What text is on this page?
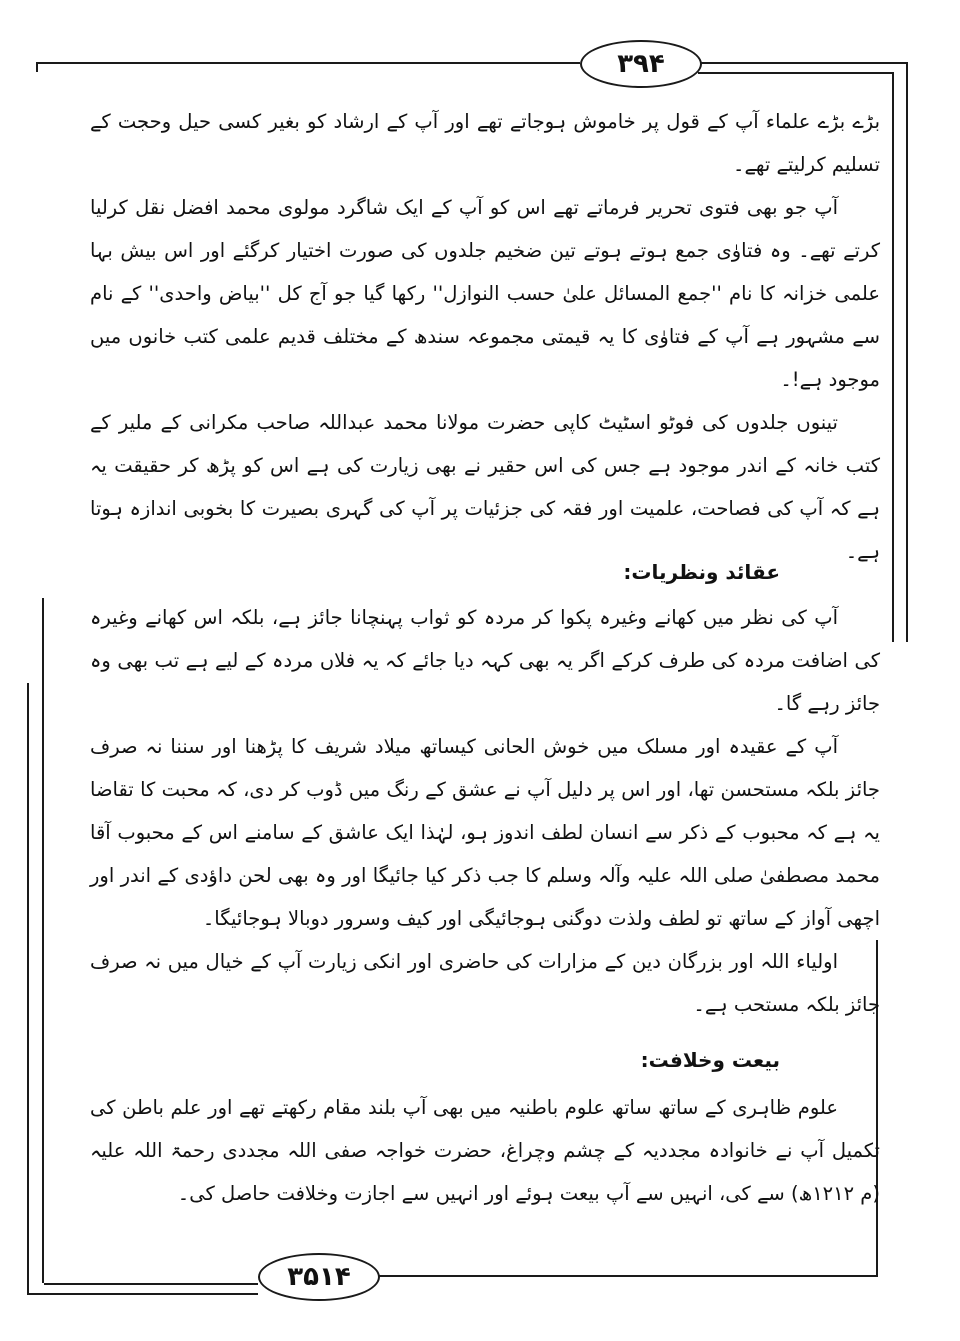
۳۹۴
۳۵۱۴

بڑے بڑے علماء آپ کے قول پر خاموش ہوجاتے تھے اور آپ کے ارشاد کو بغیر کسی حیل وحجت کے تسلیم کرلیتے تھے۔

آپ جو بھی فتوی تحریر فرماتے تھے اس کو آپ کے ایک شاگرد مولوی محمد افضل نقل کرلیا کرتے تھے۔ وہ فتاوٰی جمع ہوتے ہوتے تین ضخیم جلدوں کی صورت اختیار کرگئے اور اس بیش بہا علمی خزانہ کا نام ''جمع المسائل علیٰ حسب النوازل'' رکھا گیا جو آج کل ''بیاض واحدی'' کے نام سے مشہور ہے آپ کے فتاوٰی کا یہ قیمتی مجموعہ سندھ کے مختلف قدیم علمی کتب خانوں میں موجود ہے!۔

تینوں جلدوں کی فوٹو اسٹیٹ کاپی حضرت مولانا محمد عبداللہ صاحب مکرانی کے ملیر کے کتب خانہ کے اندر موجود ہے جس کی اس حقیر نے بھی زیارت کی ہے اس کو پڑھ کر حقیقت یہ ہے کہ آپ کی فصاحت، علمیت اور فقہ کی جزئیات پر آپ کی گہری بصیرت کا بخوبی اندازہ ہوتا ہے۔

عقائد ونظریات:

آپ کی نظر میں کھانے وغیرہ پکوا کر مردہ کو ثواب پہنچانا جائز ہے، بلکہ اس کھانے وغیرہ کی اضافت مردہ کی طرف کرکے اگر یہ بھی کہہ دیا جائے کہ یہ فلاں مردہ کے لیے ہے تب بھی وہ جائز رہے گا۔

آپ کے عقیدہ اور مسلک میں خوش الحانی کیساتھ میلاد شریف کا پڑھنا اور سننا نہ صرف جائز بلکہ مستحسن تھا، اور اس پر دلیل آپ نے عشق کے رنگ میں ڈوب کر دی، کہ محبت کا تقاضا یہ ہے کہ محبوب کے ذکر سے انسان لطف اندوز ہو، لہٰذا ایک عاشق کے سامنے اس کے محبوب آقا محمد مصطفیٰ صلی اللہ علیہ وآلہ وسلم کا جب ذکر کیا جائیگا اور وہ بھی لحن داؤدی کے اندر اور اچھی آواز کے ساتھ تو لطف ولذت دوگنی ہوجائیگی اور کیف وسرور دوبالا ہوجائیگا۔

اولیاء اللہ اور بزرگان دین کے مزارات کی حاضری اور انکی زیارت آپ کے خیال میں نہ صرف جائز بلکہ مستحب ہے۔

بیعت وخلافت:

علوم ظاہری کے ساتھ ساتھ علوم باطنیہ میں بھی آپ بلند مقام رکھتے تھے اور علم باطن کی تکمیل آپ نے خانوادہ مجددیہ کے چشم وچراغ، حضرت خواجہ صفی اللہ مجددی رحمۃ اللہ علیہ (م ۱۲۱۲ھ) سے کی، انہیں سے آپ بیعت ہوئے اور انہیں سے اجازت وخلافت حاصل کی۔
